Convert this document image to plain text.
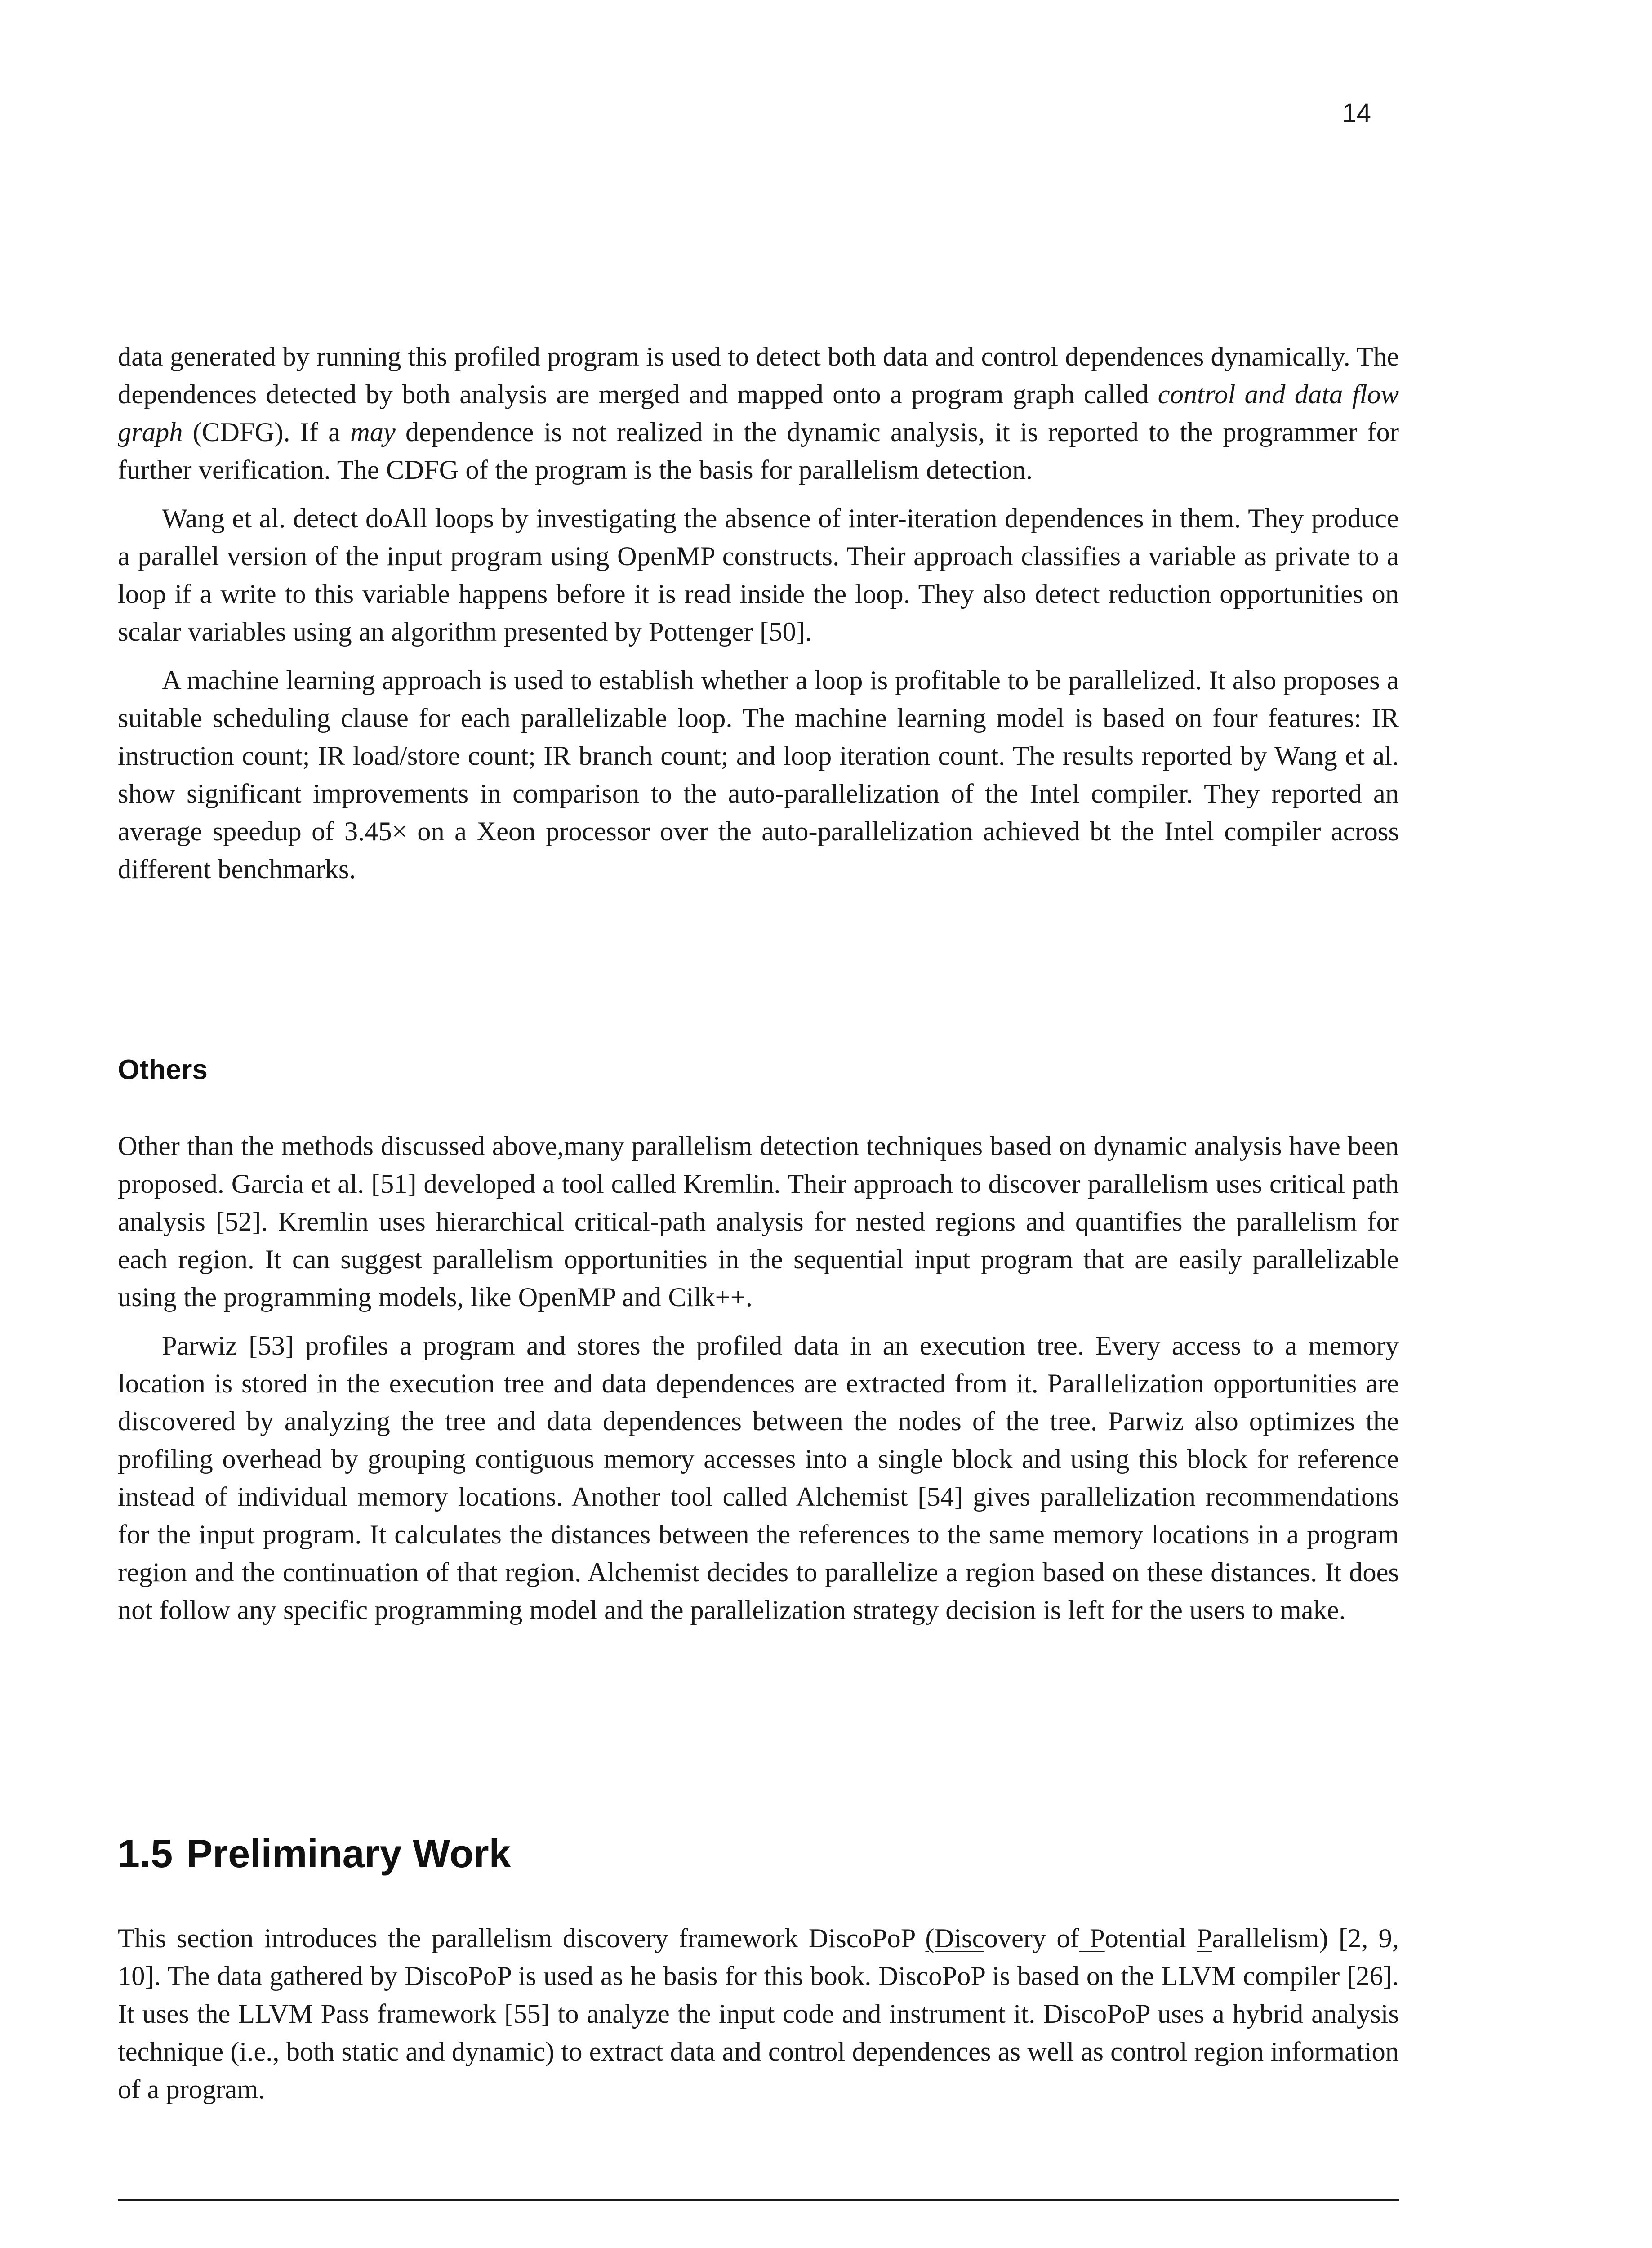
14

data generated by running this profiled program is used to detect both data and control dependences dynamically. The dependences detected by both analysis are merged and mapped onto a program graph called control and data flow graph (CDFG). If a may dependence is not realized in the dynamic analysis, it is reported to the programmer for further verification. The CDFG of the program is the basis for parallelism detection.

Wang et al. detect doAll loops by investigating the absence of inter-iteration dependences in them. They produce a parallel version of the input program using OpenMP constructs. Their approach classifies a variable as private to a loop if a write to this variable happens before it is read inside the loop. They also detect reduction opportunities on scalar variables using an algorithm presented by Pottenger [50].

A machine learning approach is used to establish whether a loop is profitable to be parallelized. It also proposes a suitable scheduling clause for each parallelizable loop. The machine learning model is based on four features: IR instruction count; IR load/store count; IR branch count; and loop iteration count. The results reported by Wang et al. show significant improvements in comparison to the auto-parallelization of the Intel compiler. They reported an average speedup of 3.45× on a Xeon processor over the auto-parallelization achieved bt the Intel compiler across different benchmarks.

Others

Other than the methods discussed above,many parallelism detection techniques based on dynamic analysis have been proposed. Garcia et al. [51] developed a tool called Kremlin. Their approach to discover parallelism uses critical path analysis [52]. Kremlin uses hierarchical critical-path analysis for nested regions and quantifies the parallelism for each region. It can suggest parallelism opportunities in the sequential input program that are easily parallelizable using the programming models, like OpenMP and Cilk++.

Parwiz [53] profiles a program and stores the profiled data in an execution tree. Every access to a memory location is stored in the execution tree and data dependences are extracted from it. Parallelization opportunities are discovered by analyzing the tree and data dependences between the nodes of the tree. Parwiz also optimizes the profiling overhead by grouping contiguous memory accesses into a single block and using this block for reference instead of individual memory locations. Another tool called Alchemist [54] gives parallelization recommendations for the input program. It calculates the distances between the references to the same memory locations in a program region and the continuation of that region. Alchemist decides to parallelize a region based on these distances. It does not follow any specific programming model and the parallelization strategy decision is left for the users to make.

1.5 Preliminary Work

This section introduces the parallelism discovery framework DiscoPoP (Discovery of Potential Parallelism) [2, 9, 10]. The data gathered by DiscoPoP is used as he basis for this book. DiscoPoP is based on the LLVM compiler [26]. It uses the LLVM Pass framework [55] to analyze the input code and instrument it. DiscoPoP uses a hybrid analysis technique (i.e., both static and dynamic) to extract data and control dependences as well as control region information of a program.
